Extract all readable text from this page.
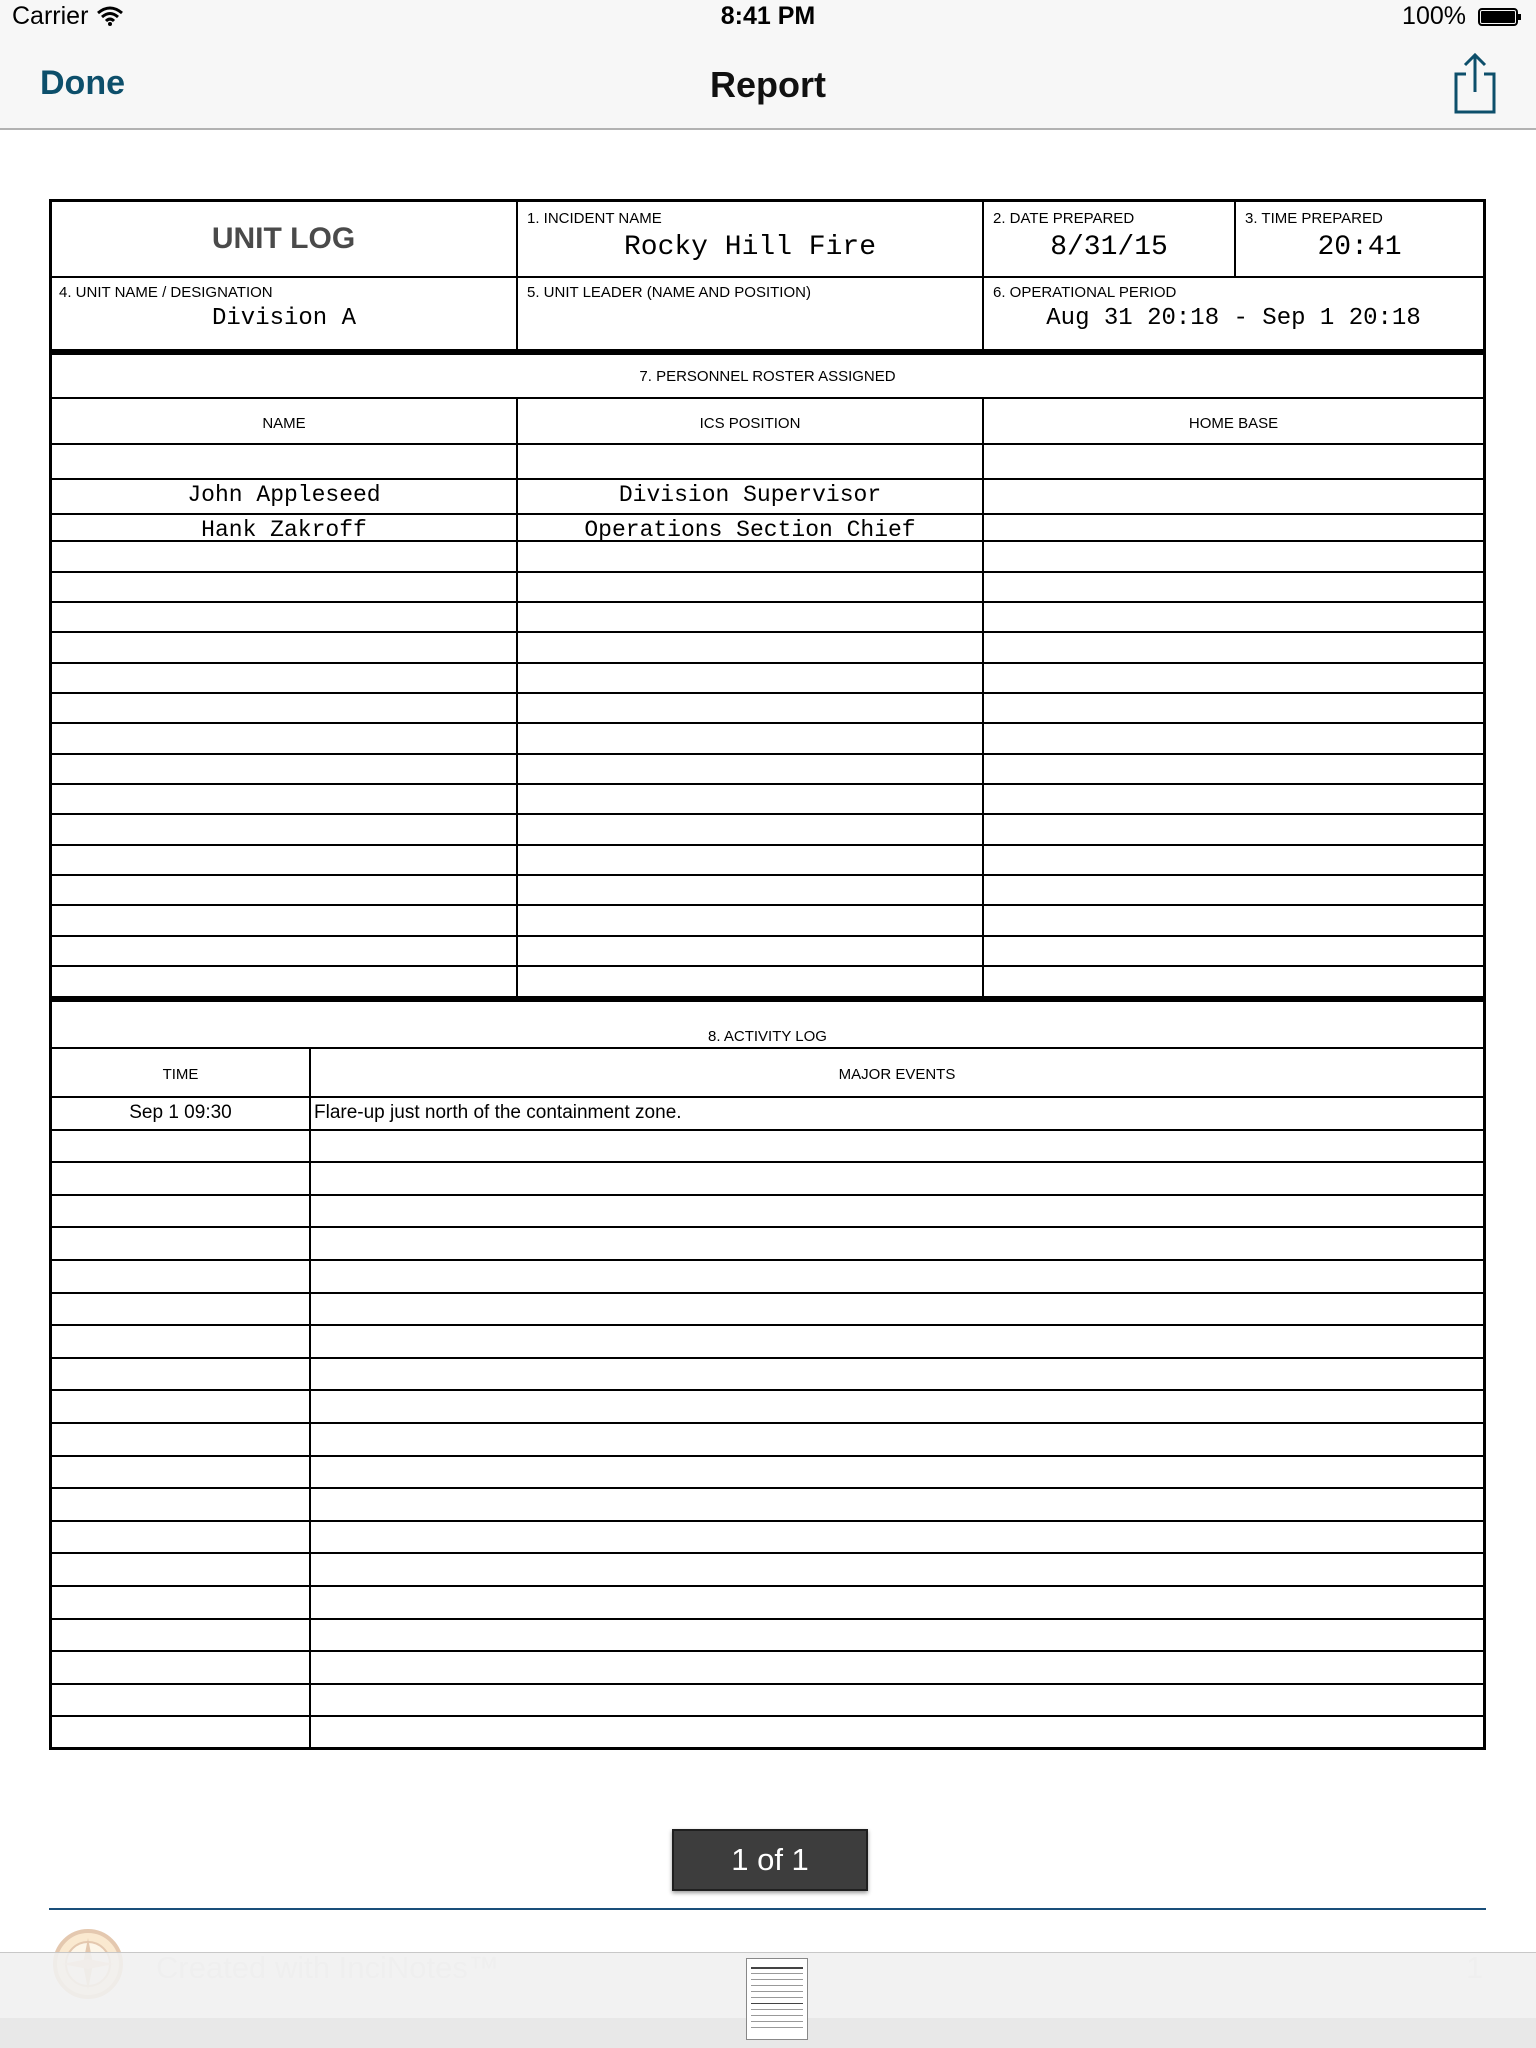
Carrier	8:41 PM	100%
Done	Report
UNIT LOG
1. INCIDENT NAME
Rocky Hill Fire
2. DATE PREPARED
8/31/15
3. TIME PREPARED
20:41
4. UNIT NAME / DESIGNATION
Division A
5. UNIT LEADER (NAME AND POSITION)	6. OPERATIONAL PERIOD
Aug 31 20:18 - Sep 1 20:18
7. PERSONNEL ROSTER ASSIGNED
NAME	ICS POSITION	HOME BASE
John Appleseed	Division Supervisor
Hank Zakroff	Operations Section Chief
8. ACTIVITY LOG
TIME	MAJOR EVENTS
Sep 1 09:30	Flare-up just north of the containment zone.
1 of 1
